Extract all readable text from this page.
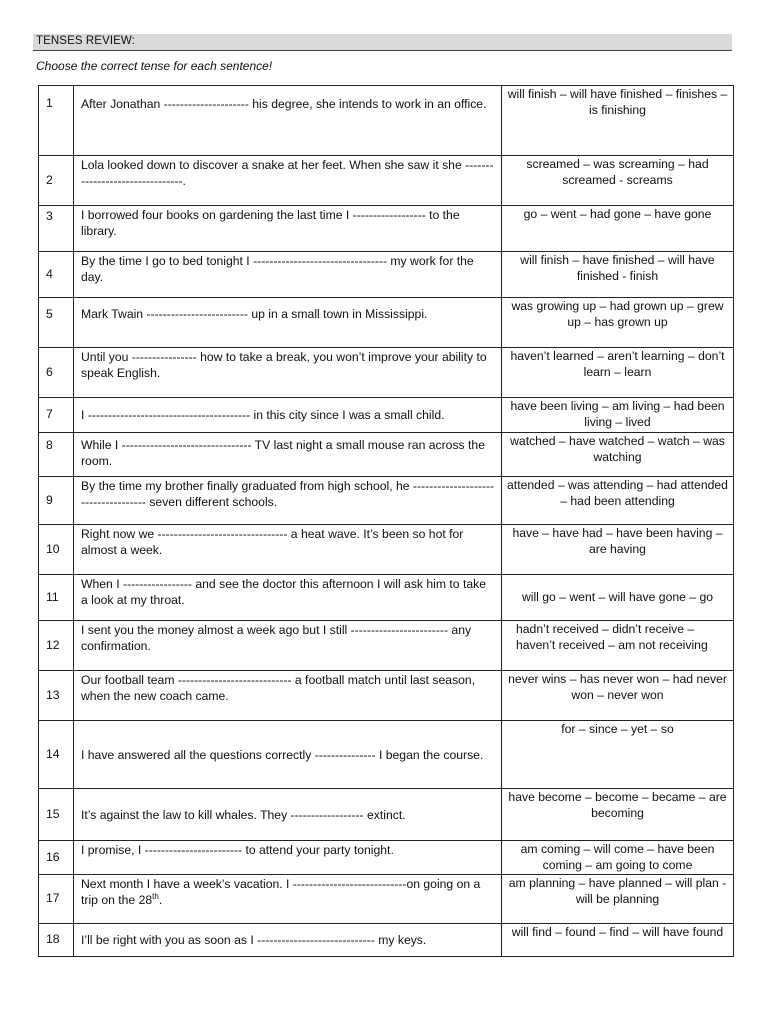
TENSES REVIEW:
Choose the correct tense for each sentence!
1	After Jonathan --------------------- his degree, she intends to work in an office.	will finish – will have finished – finishes – is finishing
2	Lola looked down to discover a snake at her feet. When she saw it she --------------------------------.	screamed – was screaming – had screamed - screams
3	I borrowed four books on gardening the last time I ------------------ to the library.	go – went – had gone – have gone
4	By the time I go to bed tonight I --------------------------------- my work for the day.	will finish – have finished – will have finished - finish
5	Mark Twain ------------------------- up in a small town in Mississippi.	was growing up – had grown up – grew up – has grown up
6	Until you ---------------- how to take a break, you won’t improve your ability to speak English.	haven’t learned – aren’t learning – don’t learn – learn
7	I ---------------------------------------- in this city since I was a small child.	have been living – am living – had been living – lived
8	While I -------------------------------- TV last night a small mouse ran across the room.	watched – have watched – watch – was watching
9	By the time my brother finally graduated from high school, he ------------------------------------ seven different schools.	attended – was attending – had attended – had been attending
10	Right now we -------------------------------- a heat wave. It’s been so hot for almost a week.	have – have had – have been having – are having
11	When I ----------------- and see the doctor this afternoon I will ask him to take a look at my throat.	will go – went – will have gone – go
12	I sent you the money almost a week ago but I still ------------------------ any confirmation.	hadn’t received – didn’t receive – haven’t received – am not receiving
13	Our football team ---------------------------- a football match until last season, when the new coach came.	never wins – has never won – had never won – never won
14	I have answered all the questions correctly --------------- I began the course.	for – since – yet – so
15	It’s against the law to kill whales. They ------------------ extinct.	have become – become – became – are becoming
16	I promise, I ------------------------ to attend your party tonight.	am coming – will come – have been coming – am going to come
17	Next month I have a week’s vacation. I ----------------------------on going on a trip on the 28th.	am planning – have planned – will plan -will be planning
18	I’ll be right with you as soon as I ----------------------------- my keys.	will find – found – find – will have found
